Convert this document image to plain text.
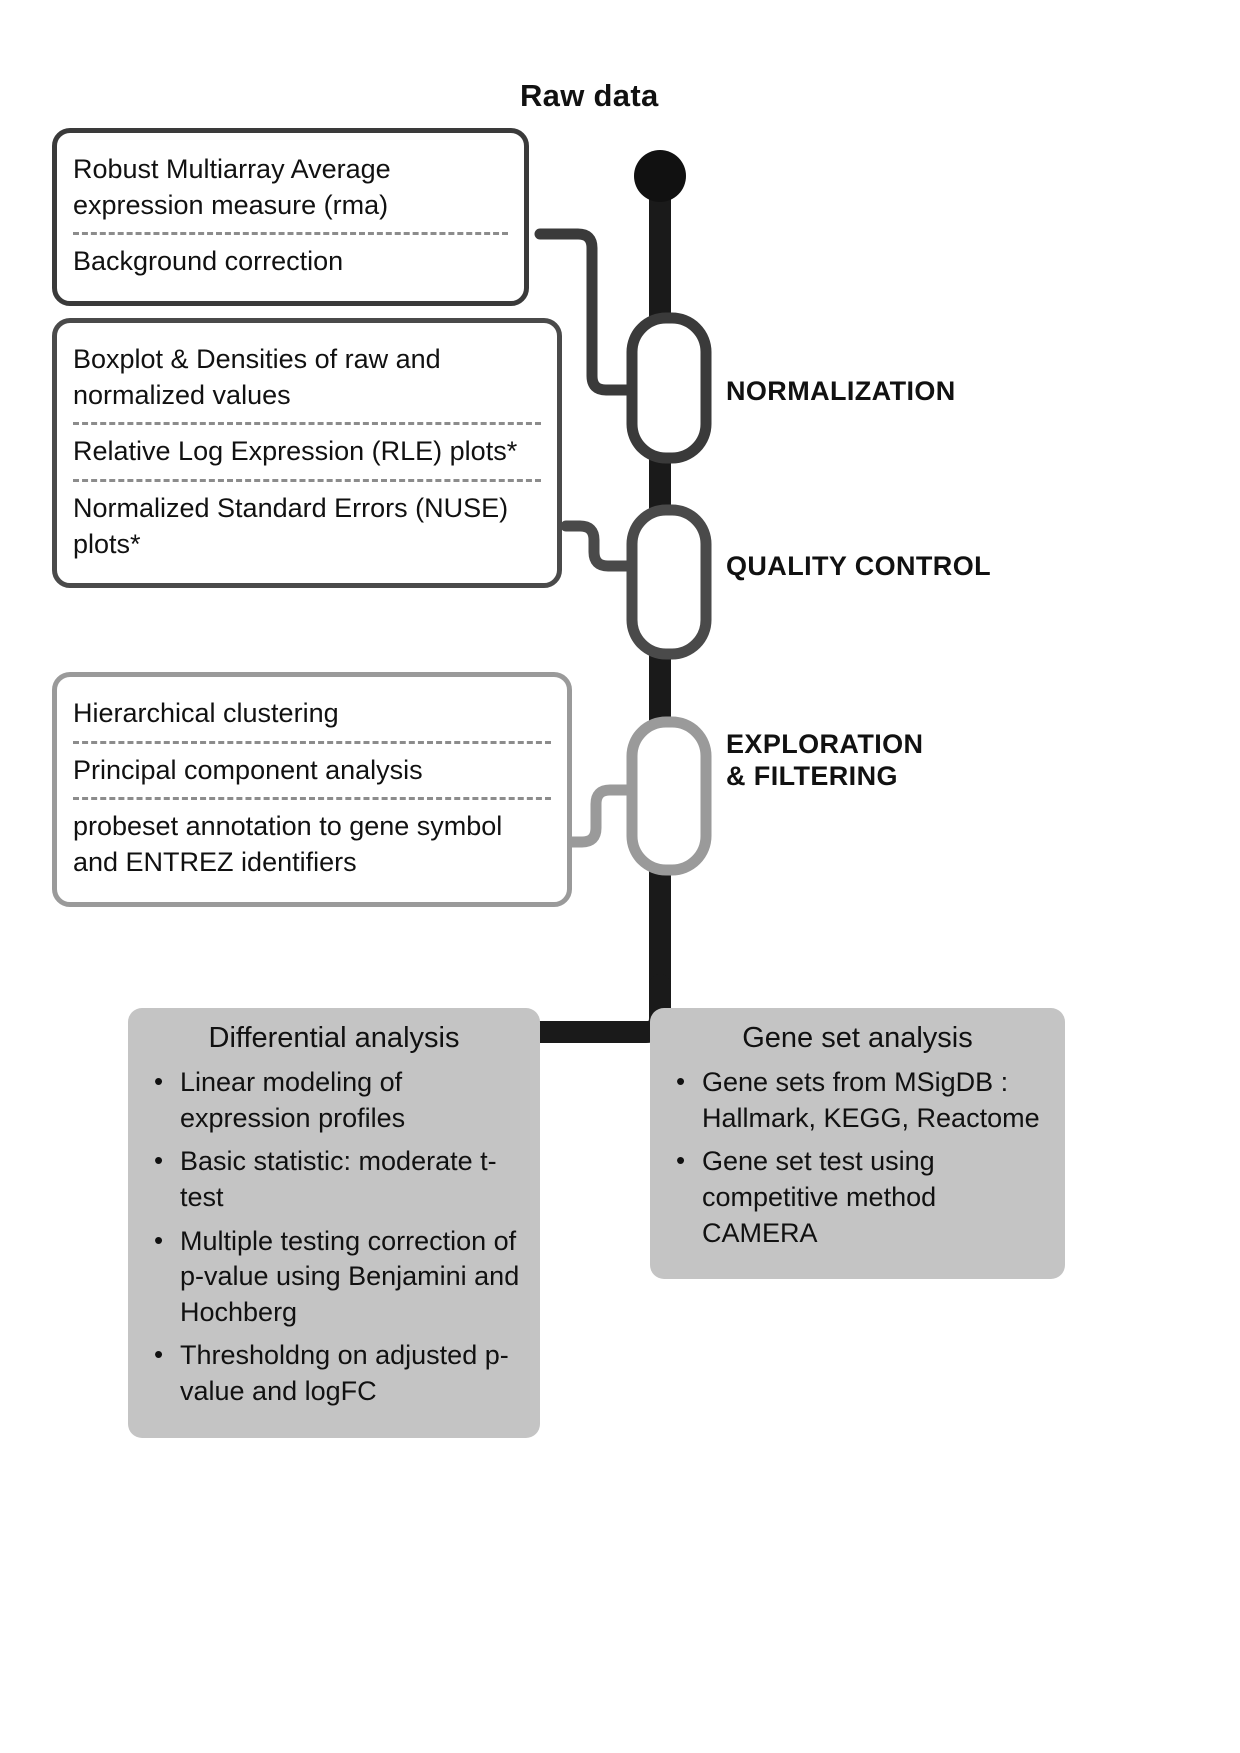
Raw data
NORMALIZATION
QUALITY CONTROL
EXPLORATION
& FILTERING
Robust Multiarray Average expression measure (rma)
Background correction
Boxplot & Densities of raw and normalized values
Relative Log Expression (RLE) plots*
Normalized Standard Errors (NUSE) plots*
Hierarchical clustering
Principal component analysis
probeset annotation to gene symbol and ENTREZ identifiers
Differential analysis
• Linear modeling of expression profiles
• Basic statistic: moderate t-test
• Multiple testing correction of p-value using Benjamini and Hochberg
• Thresholdng on adjusted p-value and logFC
Gene set analysis
• Gene sets from MSigDB : Hallmark, KEGG, Reactome
• Gene set test using competitive method CAMERA
